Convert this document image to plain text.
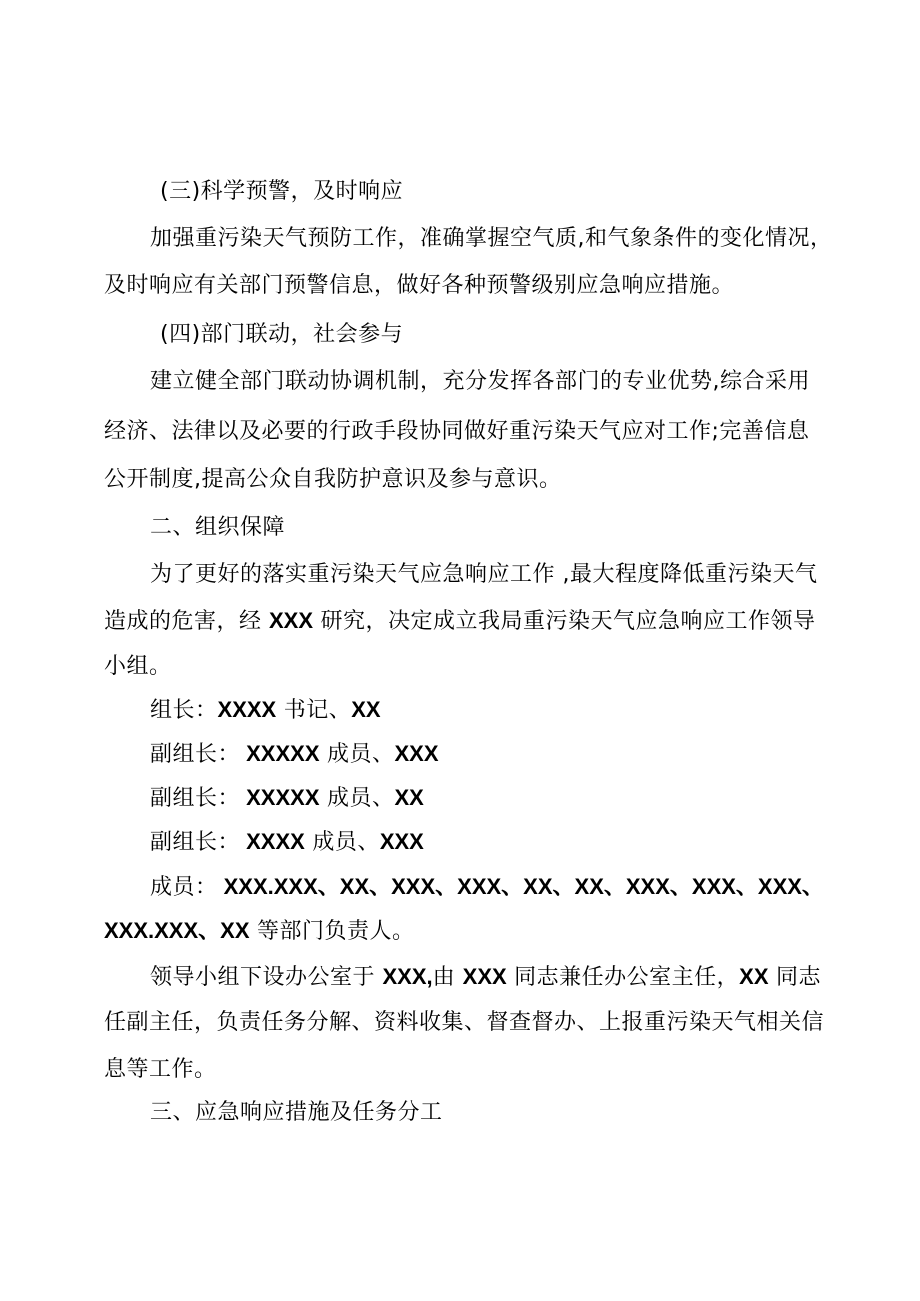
(三)科学预警，及时响应
加强重污染天气预防工作，准确掌握空气质,和气象条件的变化情况，
及时响应有关部门预警信息，做好各种预警级别应急响应措施。
(四)部门联动，社会参与
建立健全部门联动协调机制，充分发挥各部门的专业优势,综合采用
经济、法律以及必要的行政手段协同做好重污染天气应对工作;完善信息
公开制度,提高公众自我防护意识及参与意识。
二、组织保障
为了更好的落实重污染天气应急响应工作 ,最大程度降低重污染天气
造成的危害，经 XXX 研究，决定成立我局重污染天气应急响应工作领导
小组。
组长：XXXX 书记、XX
副组长： XXXXX 成员、XXX
副组长： XXXXX 成员、XX
副组长： XXXX 成员、XXX
成员： XXX.XXX、XX、XXX、XXX、XX、XX、XXX、XXX、XXX、
XXX.XXX、XX 等部门负责人。
领导小组下设办公室于 XXX,由 XXX 同志兼任办公室主任，XX 同志
任副主任，负责任务分解、资料收集、督查督办、上报重污染天气相关信
息等工作。
三、应急响应措施及任务分工
